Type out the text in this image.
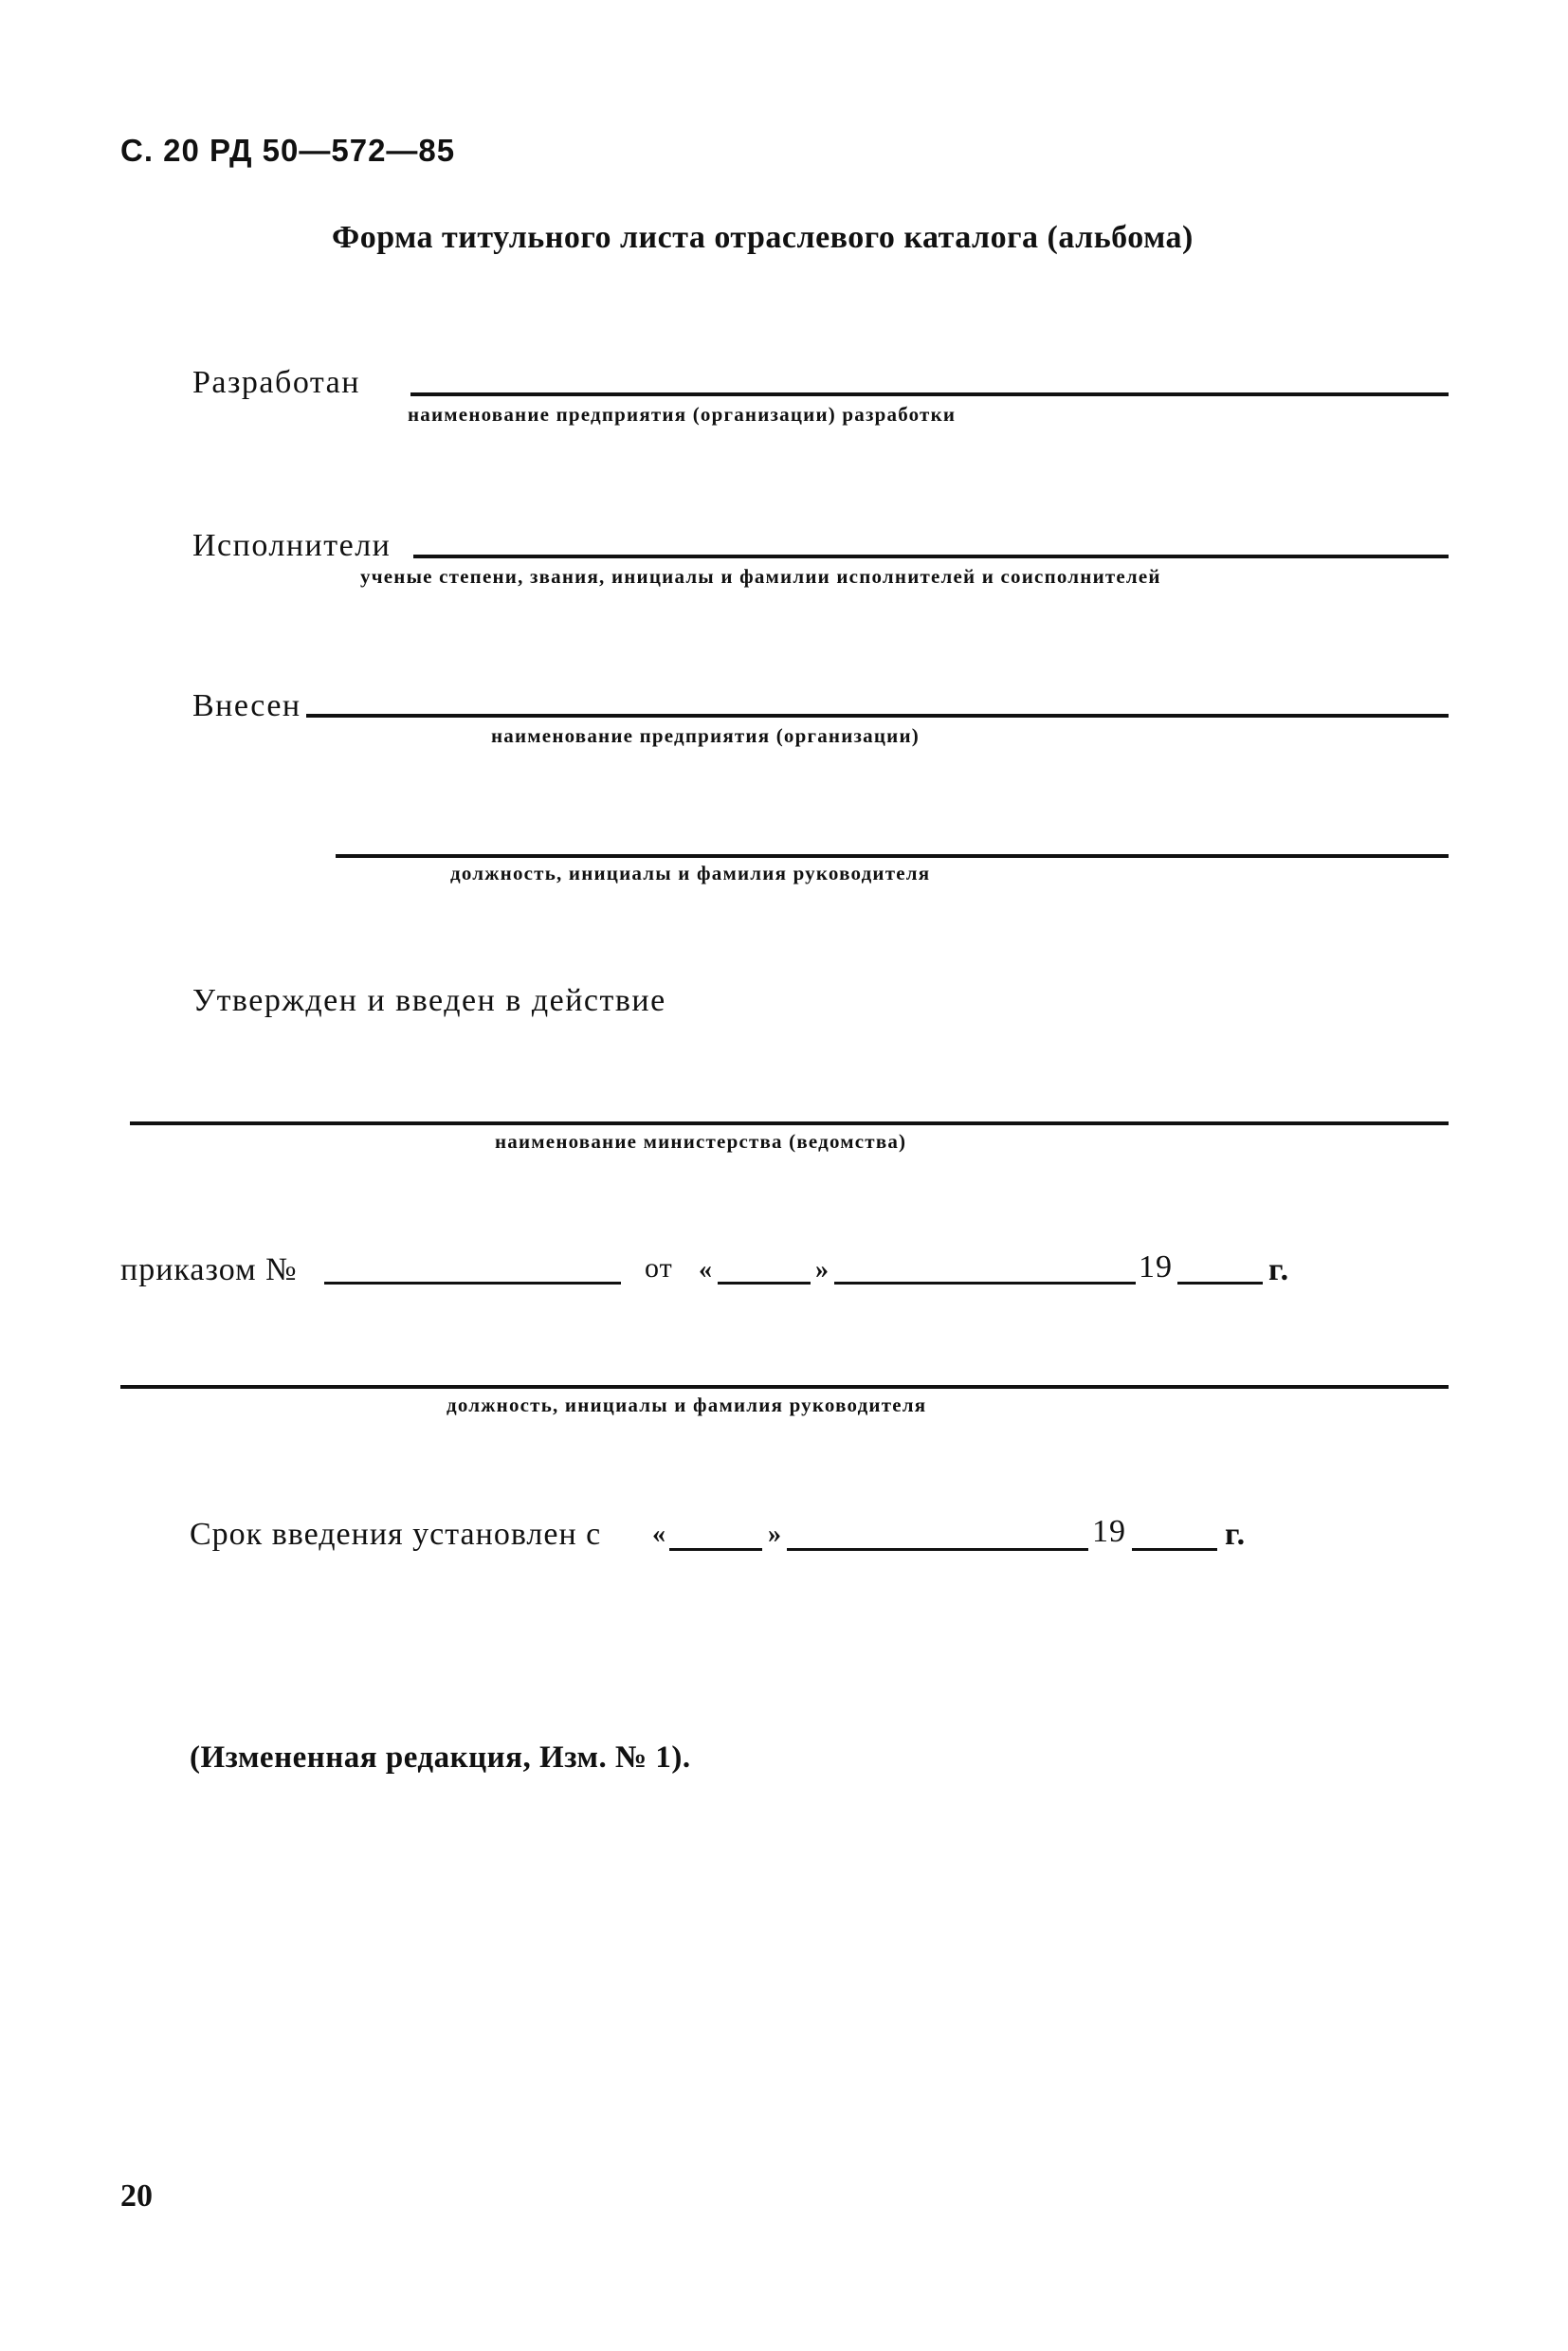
С. 20 РД 50—572—85
Форма титульного листа отраслевого каталога (альбома)
Разработан
наименование предприятия (организации) разработки
Исполнители
ученые степени, звания, инициалы и фамилии исполнителей и соисполнителей
Внесен
наименование предприятия (организации)
должность, инициалы и фамилия руководителя
Утвержден и введен в действие
наименование министерства (ведомства)
приказом №	от «	»	19	г.
должность, инициалы и фамилия руководителя
Срок введения установлен с «	»	19	г.
(Измененная редакция, Изм. № 1).
20
